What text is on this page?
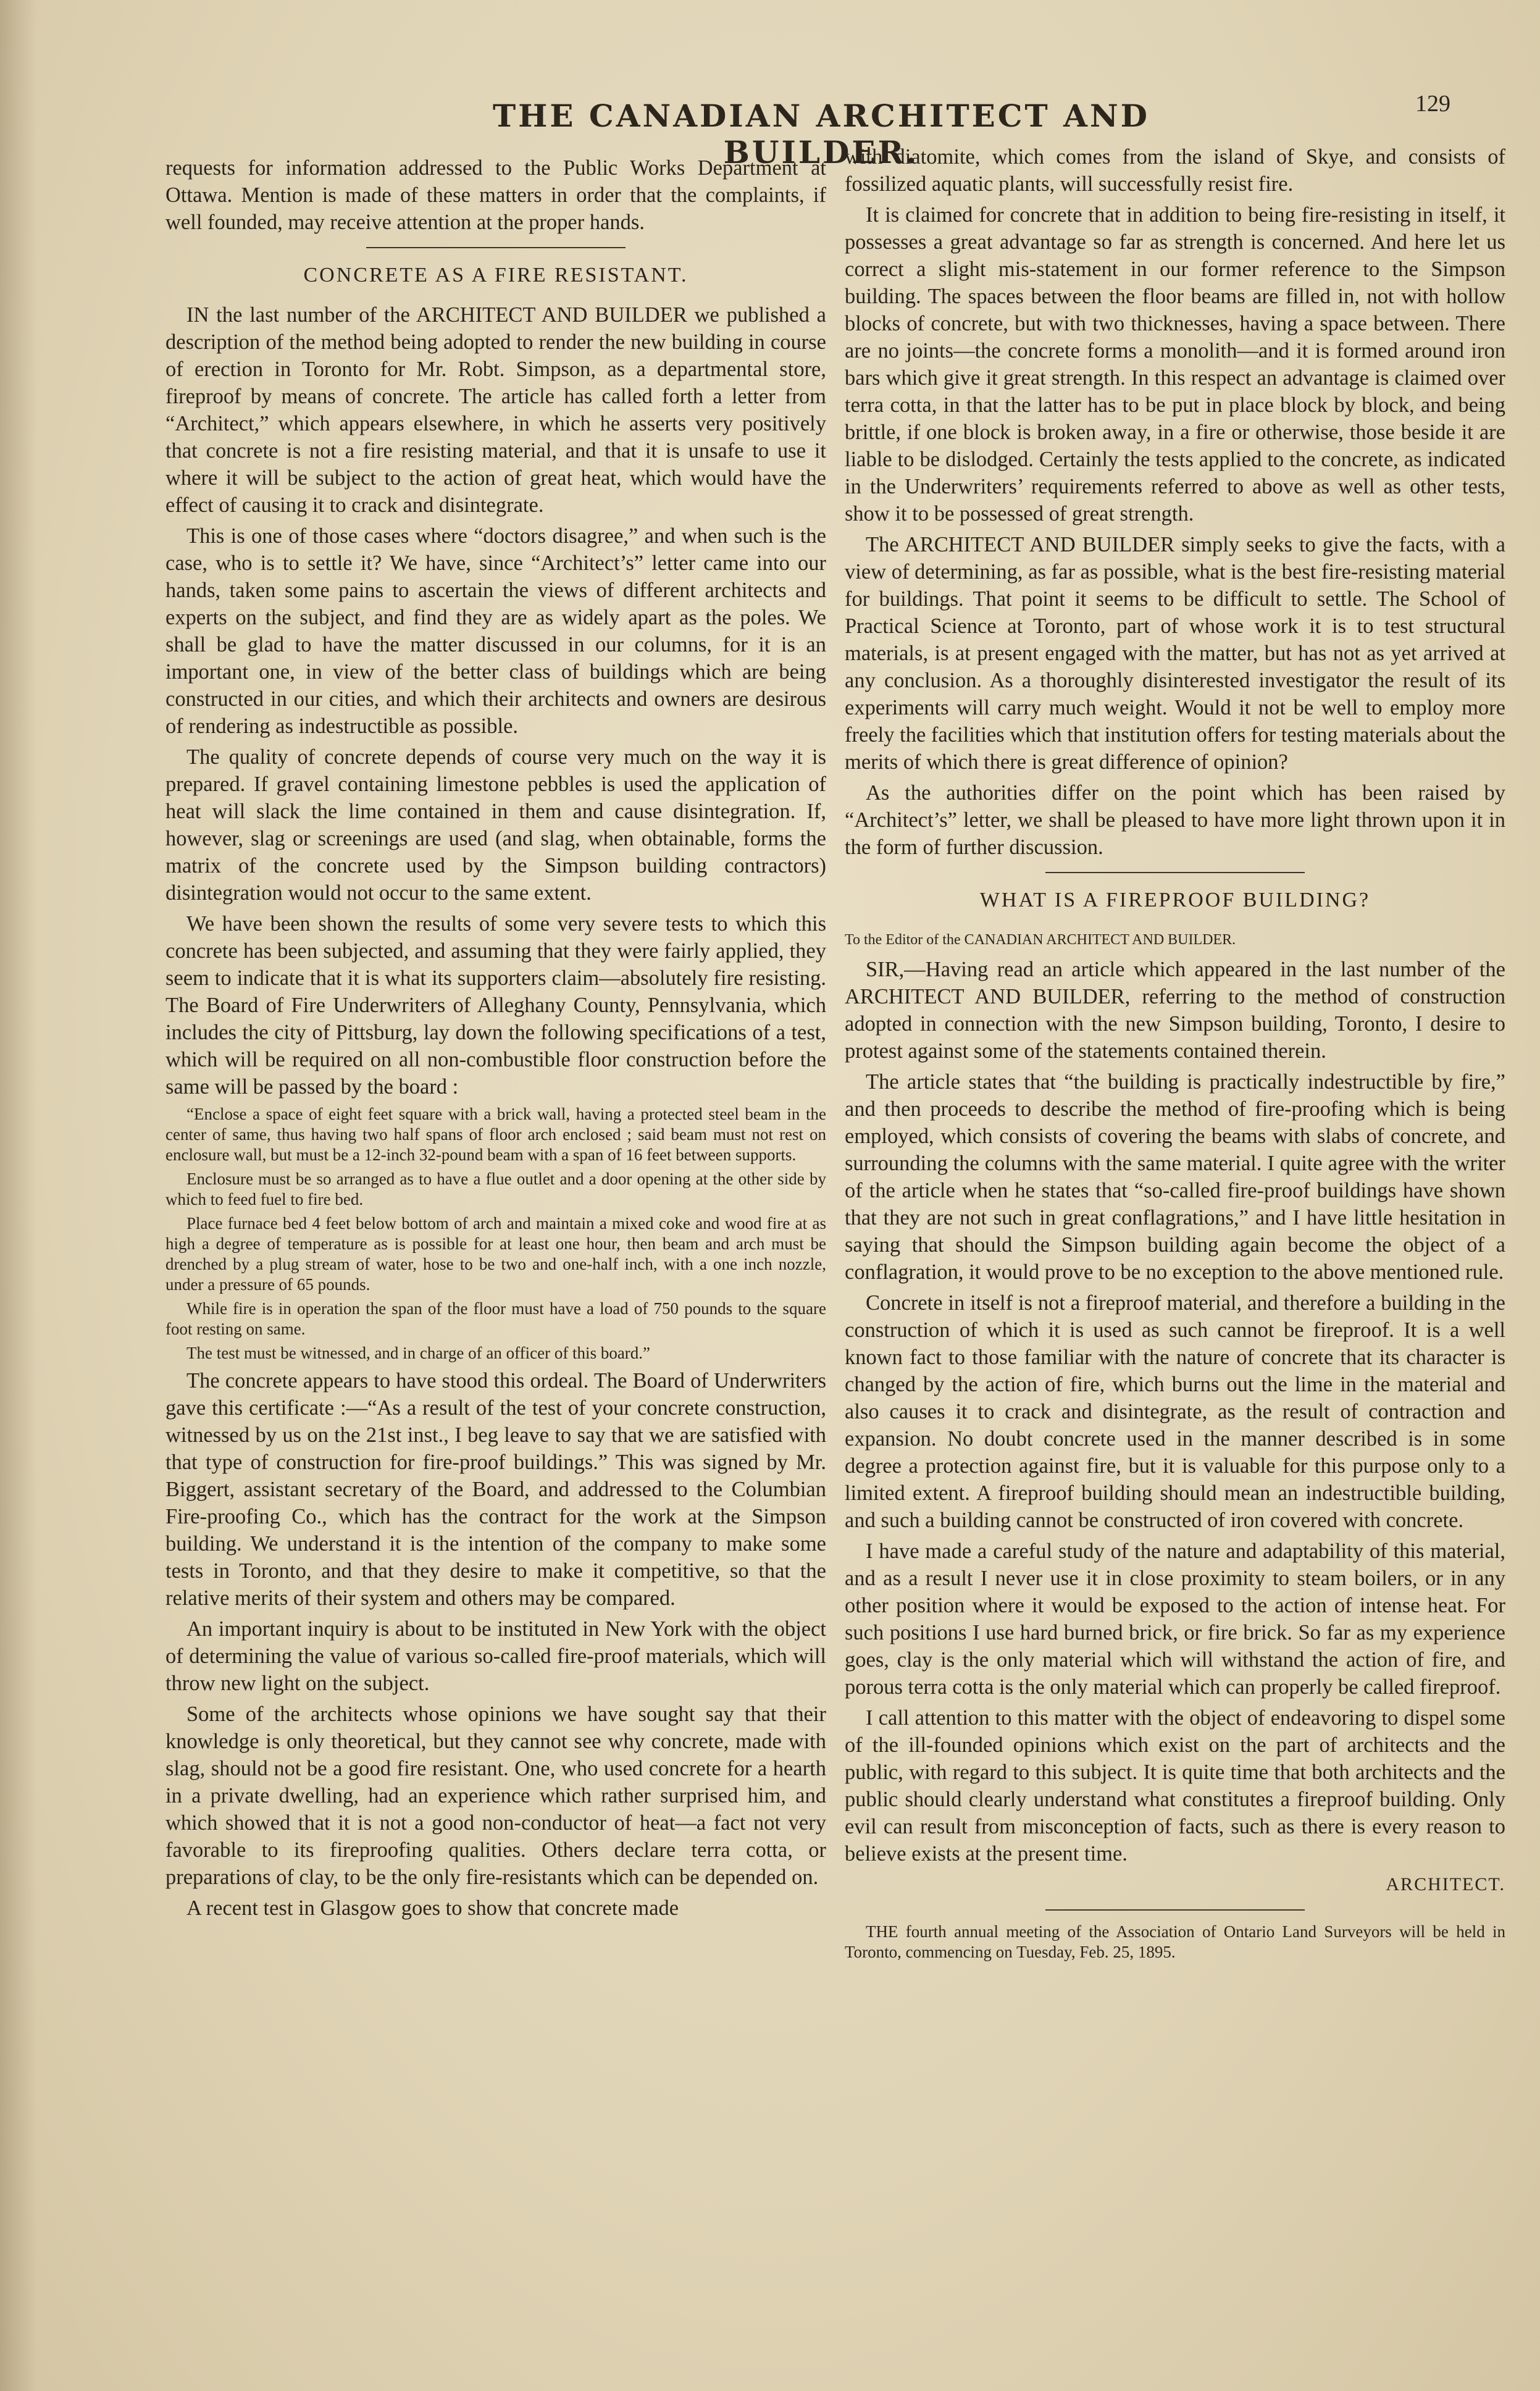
THE CANADIAN ARCHITECT AND BUILDER.
129

requests for information addressed to the Public Works Department at Ottawa. Mention is made of these matters in order that the complaints, if well founded, may receive attention at the proper hands.

CONCRETE AS A FIRE RESISTANT.

IN the last number of the ARCHITECT AND BUILDER we published a description of the method being adopted to render the new building in course of erection in Toronto for Mr. Robt. Simpson, as a departmental store, fireproof by means of concrete. The article has called forth a letter from “Architect,” which appears elsewhere, in which he asserts very positively that concrete is not a fire resisting material, and that it is unsafe to use it where it will be subject to the action of great heat, which would have the effect of causing it to crack and disintegrate.

This is one of those cases where “doctors disagree,” and when such is the case, who is to settle it? We have, since “Architect’s” letter came into our hands, taken some pains to ascertain the views of different architects and experts on the subject, and find they are as widely apart as the poles. We shall be glad to have the matter discussed in our columns, for it is an important one, in view of the better class of buildings which are being constructed in our cities, and which their architects and owners are desirous of rendering as indestructible as possible.

The quality of concrete depends of course very much on the way it is prepared. If gravel containing limestone pebbles is used the application of heat will slack the lime contained in them and cause disintegration. If, however, slag or screenings are used (and slag, when obtainable, forms the matrix of the concrete used by the Simpson building contractors) disintegration would not occur to the same extent.

We have been shown the results of some very severe tests to which this concrete has been subjected, and assuming that they were fairly applied, they seem to indicate that it is what its supporters claim—absolutely fire resisting. The Board of Fire Underwriters of Alleghany County, Pennsylvania, which includes the city of Pittsburg, lay down the following specifications of a test, which will be required on all non-combustible floor construction before the same will be passed by the board :

“Enclose a space of eight feet square with a brick wall, having a protected steel beam in the center of same, thus having two half spans of floor arch enclosed ; said beam must not rest on enclosure wall, but must be a 12-inch 32-pound beam with a span of 16 feet between supports.

Enclosure must be so arranged as to have a flue outlet and a door opening at the other side by which to feed fuel to fire bed.

Place furnace bed 4 feet below bottom of arch and maintain a mixed coke and wood fire at as high a degree of temperature as is possible for at least one hour, then beam and arch must be drenched by a plug stream of water, hose to be two and one-half inch, with a one inch nozzle, under a pressure of 65 pounds.

While fire is in operation the span of the floor must have a load of 750 pounds to the square foot resting on same.

The test must be witnessed, and in charge of an officer of this board.”

The concrete appears to have stood this ordeal. The Board of Underwriters gave this certificate :—“As a result of the test of your concrete construction, witnessed by us on the 21st inst., I beg leave to say that we are satisfied with that type of construction for fire-proof buildings.” This was signed by Mr. Biggert, assistant secretary of the Board, and addressed to the Columbian Fire-proofing Co., which has the contract for the work at the Simpson building. We understand it is the intention of the company to make some tests in Toronto, and that they desire to make it competitive, so that the relative merits of their system and others may be compared.

An important inquiry is about to be instituted in New York with the object of determining the value of various so-called fire-proof materials, which will throw new light on the subject.

Some of the architects whose opinions we have sought say that their knowledge is only theoretical, but they cannot see why concrete, made with slag, should not be a good fire resistant. One, who used concrete for a hearth in a private dwelling, had an experience which rather surprised him, and which showed that it is not a good non-conductor of heat—a fact not very favorable to its fireproofing qualities. Others declare terra cotta, or preparations of clay, to be the only fire-resistants which can be depended on.

A recent test in Glasgow goes to show that concrete made

with diatomite, which comes from the island of Skye, and consists of fossilized aquatic plants, will successfully resist fire.

It is claimed for concrete that in addition to being fire-resisting in itself, it possesses a great advantage so far as strength is concerned. And here let us correct a slight mis-statement in our former reference to the Simpson building. The spaces between the floor beams are filled in, not with hollow blocks of concrete, but with two thicknesses, having a space between. There are no joints—the concrete forms a monolith—and it is formed around iron bars which give it great strength. In this respect an advantage is claimed over terra cotta, in that the latter has to be put in place block by block, and being brittle, if one block is broken away, in a fire or otherwise, those beside it are liable to be dislodged. Certainly the tests applied to the concrete, as indicated in the Underwriters’ requirements referred to above as well as other tests, show it to be possessed of great strength.

The ARCHITECT AND BUILDER simply seeks to give the facts, with a view of determining, as far as possible, what is the best fire-resisting material for buildings. That point it seems to be difficult to settle. The School of Practical Science at Toronto, part of whose work it is to test structural materials, is at present engaged with the matter, but has not as yet arrived at any conclusion. As a thoroughly disinterested investigator the result of its experiments will carry much weight. Would it not be well to employ more freely the facilities which that institution offers for testing materials about the merits of which there is great difference of opinion?

As the authorities differ on the point which has been raised by “Architect’s” letter, we shall be pleased to have more light thrown upon it in the form of further discussion.

WHAT IS A FIREPROOF BUILDING?

To the Editor of the CANADIAN ARCHITECT AND BUILDER.

SIR,—Having read an article which appeared in the last number of the ARCHITECT AND BUILDER, referring to the method of construction adopted in connection with the new Simpson building, Toronto, I desire to protest against some of the statements contained therein.

The article states that “the building is practically indestructible by fire,” and then proceeds to describe the method of fire-proofing which is being employed, which consists of covering the beams with slabs of concrete, and surrounding the columns with the same material. I quite agree with the writer of the article when he states that “so-called fire-proof buildings have shown that they are not such in great conflagrations,” and I have little hesitation in saying that should the Simpson building again become the object of a conflagration, it would prove to be no exception to the above mentioned rule.

Concrete in itself is not a fireproof material, and therefore a building in the construction of which it is used as such cannot be fireproof. It is a well known fact to those familiar with the nature of concrete that its character is changed by the action of fire, which burns out the lime in the material and also causes it to crack and disintegrate, as the result of contraction and expansion. No doubt concrete used in the manner described is in some degree a protection against fire, but it is valuable for this purpose only to a limited extent. A fireproof building should mean an indestructible building, and such a building cannot be constructed of iron covered with concrete.

I have made a careful study of the nature and adaptability of this material, and as a result I never use it in close proximity to steam boilers, or in any other position where it would be exposed to the action of intense heat. For such positions I use hard burned brick, or fire brick. So far as my experience goes, clay is the only material which will withstand the action of fire, and porous terra cotta is the only material which can properly be called fireproof.

I call attention to this matter with the object of endeavoring to dispel some of the ill-founded opinions which exist on the part of architects and the public, with regard to this subject. It is quite time that both architects and the public should clearly understand what constitutes a fireproof building. Only evil can result from misconception of facts, such as there is every reason to believe exists at the present time.

ARCHITECT.

THE fourth annual meeting of the Association of Ontario Land Surveyors will be held in Toronto, commencing on Tuesday, Feb. 25, 1895.
